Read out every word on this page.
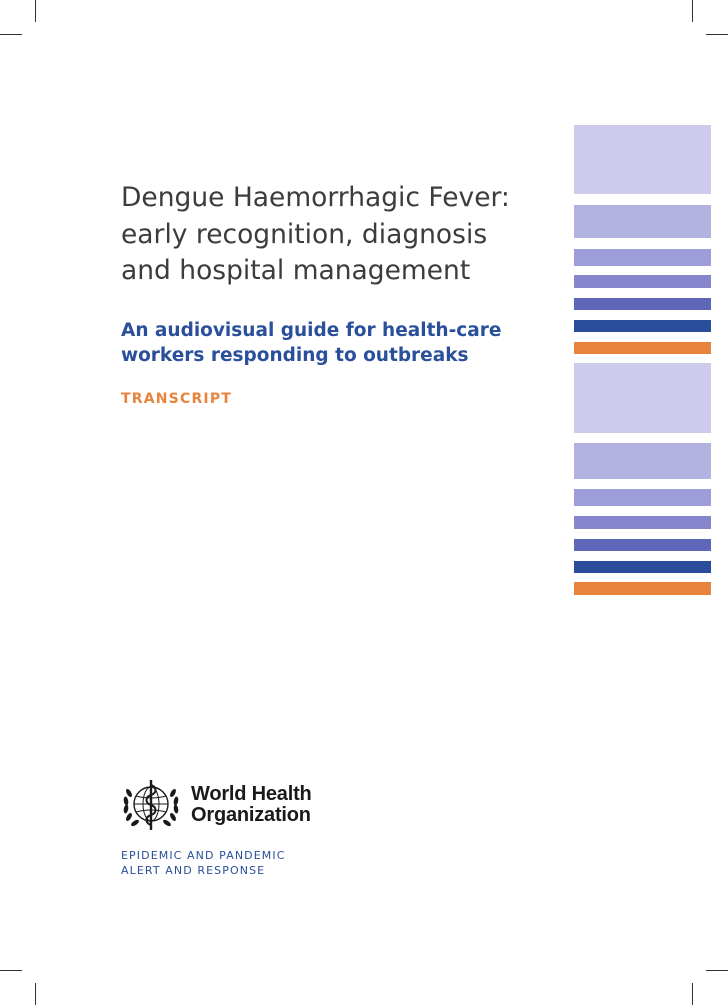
Dengue Haemorrhagic Fever:
early recognition, diagnosis
and hospital management
An audiovisual guide for health-care
workers responding to outbreaks
TRANSCRIPT
World Health
Organization
EPIDEMIC AND PANDEMIC
ALERT AND RESPONSE
